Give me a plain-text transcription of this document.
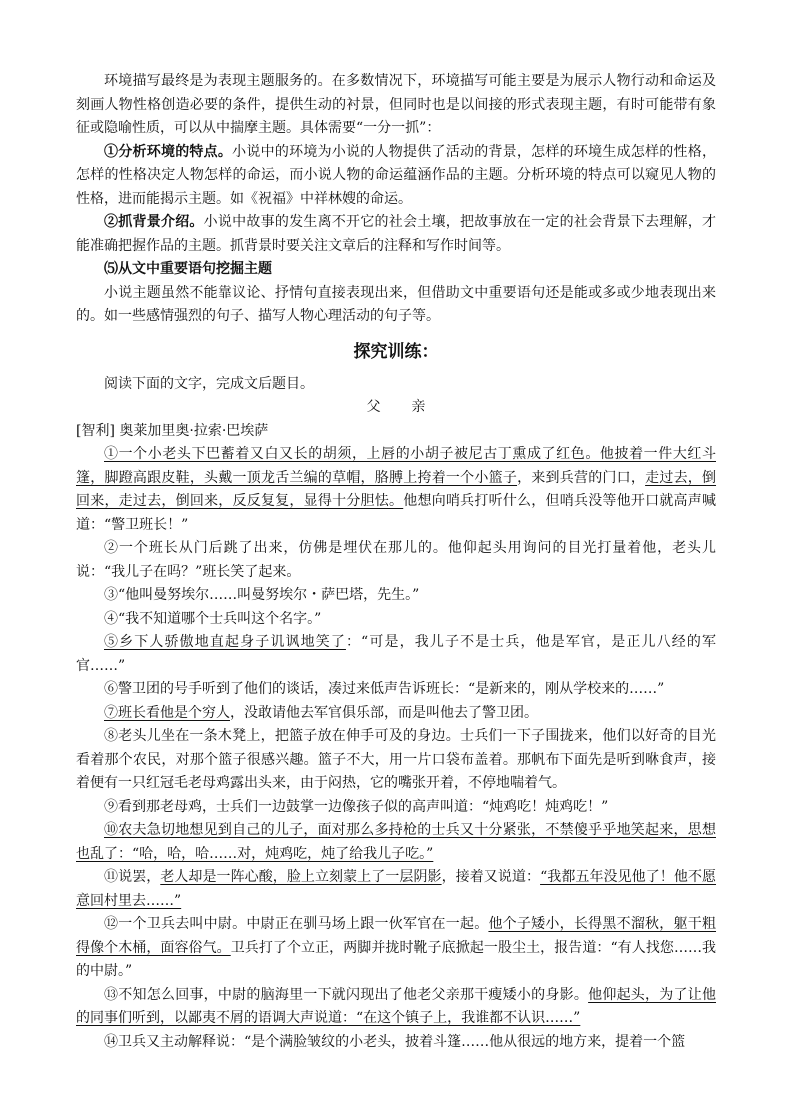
环境描写最终是为表现主题服务的。在多数情况下，环境描写可能主要是为展示人物行动和命运及刻画人物性格创造必要的条件，提供生动的衬景，但同时也是以间接的形式表现主题，有时可能带有象征或隐喻性质，可以从中揣摩主题。具体需要“一分一抓”：

①分析环境的特点。小说中的环境为小说的人物提供了活动的背景，怎样的环境生成怎样的性格，怎样的性格决定人物怎样的命运，而小说人物的命运蕴涵作品的主题。分析环境的特点可以窥见人物的性格，进而能揭示主题。如《祝福》中祥林嫂的命运。

②抓背景介绍。小说中故事的发生离不开它的社会土壤，把故事放在一定的社会背景下去理解，才能准确把握作品的主题。抓背景时要关注文章后的注释和写作时间等。

⑸从文中重要语句挖掘主题

小说主题虽然不能靠议论、抒情句直接表现出来，但借助文中重要语句还是能或多或少地表现出来的。如一些感情强烈的句子、描写人物心理活动的句子等。

探究训练：

阅读下面的文字，完成文后题目。

父　亲

[智利] 奥莱加里奥·拉索·巴埃萨

①一个小老头下巴蓄着又白又长的胡须，上唇的小胡子被尼古丁熏成了红色。他披着一件大红斗篷，脚蹬高跟皮鞋，头戴一顶龙舌兰编的草帽，胳膊上挎着一个小篮子，来到兵营的门口，走过去，倒回来，走过去，倒回来，反反复复，显得十分胆怯。他想向哨兵打听什么，但哨兵没等他开口就高声喊道：“警卫班长！”

②一个班长从门后跳了出来，仿佛是埋伏在那儿的。他仰起头用询问的目光打量着他，老头儿说：“我儿子在吗？”班长笑了起来。

③“他叫曼努埃尔……叫曼努埃尔・萨巴塔，先生。”

④“我不知道哪个士兵叫这个名字。”

⑤乡下人骄傲地直起身子讥讽地笑了：“可是，我儿子不是士兵，他是军官，是正儿八经的军官……”

⑥警卫团的号手听到了他们的谈话，凑过来低声告诉班长：“是新来的，刚从学校来的……”

⑦班长看他是个穷人，没敢请他去军官俱乐部，而是叫他去了警卫团。

⑧老头儿坐在一条木凳上，把篮子放在伸手可及的身边。士兵们一下子围拢来，他们以好奇的目光看着那个农民，对那个篮子很感兴趣。篮子不大，用一片口袋布盖着。那帆布下面先是听到咻食声，接着便有一只红冠毛老母鸡露出头来，由于闷热，它的嘴张开着，不停地喘着气。

⑨看到那老母鸡，士兵们一边鼓掌一边像孩子似的高声叫道：“炖鸡吃！炖鸡吃！”

⑩农夫急切地想见到自己的儿子，面对那么多持枪的士兵又十分紧张，不禁傻乎乎地笑起来，思想也乱了：“哈，哈，哈……对，炖鸡吃，炖了给我儿子吃。”

⑪说罢，老人却是一阵心酸，脸上立刻蒙上了一层阴影，接着又说道：“我都五年没见他了！他不愿意回村里去……”

⑫一个卫兵去叫中尉。中尉正在驯马场上跟一伙军官在一起。他个子矮小，长得黑不溜秋，躯干粗得像个木桶，面容俗气。卫兵打了个立正，两脚并拢时靴子底掀起一股尘土，报告道：“有人找您……我的中尉。”

⑬不知怎么回事，中尉的脑海里一下就闪现出了他老父亲那干瘦矮小的身影。他仰起头，为了让他的同事们听到，以鄙夷不屑的语调大声说道：“在这个镇子上，我谁都不认识……”

⑭卫兵又主动解释说：“是个满脸皱纹的小老头，披着斗篷……他从很远的地方来，提着一个篮
